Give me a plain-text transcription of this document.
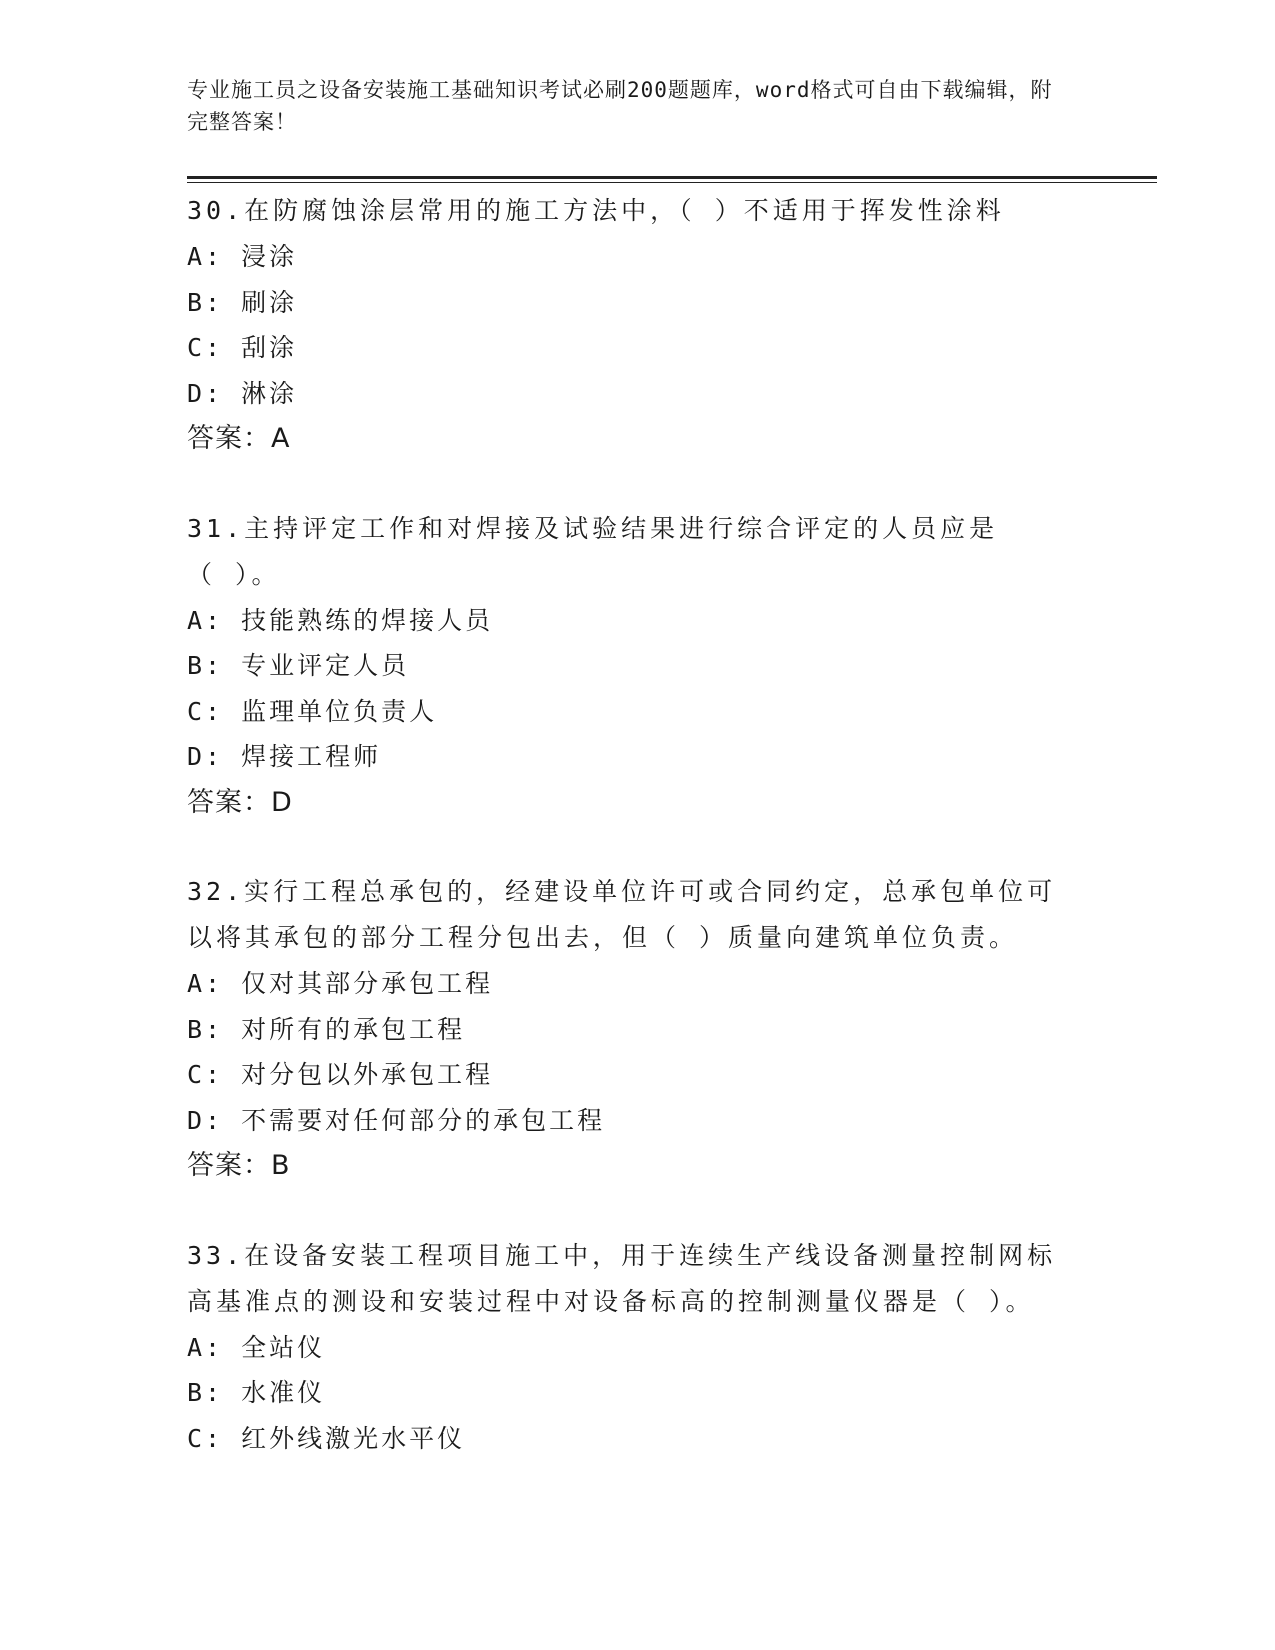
专业施工员之设备安装施工基础知识考试必刷200题题库，word格式可自由下载编辑，附完整答案！
30.在防腐蚀涂层常用的施工方法中，（ ）不适用于挥发性涂料
A: 浸涂
B: 刷涂
C: 刮涂
D: 淋涂
答案：A
31.主持评定工作和对焊接及试验结果进行综合评定的人员应是（ ）。
A: 技能熟练的焊接人员
B: 专业评定人员
C: 监理单位负责人
D: 焊接工程师
答案：D
32.实行工程总承包的，经建设单位许可或合同约定，总承包单位可以将其承包的部分工程分包出去，但（ ）质量向建筑单位负责。
A: 仅对其部分承包工程
B: 对所有的承包工程
C: 对分包以外承包工程
D: 不需要对任何部分的承包工程
答案：B
33.在设备安装工程项目施工中，用于连续生产线设备测量控制网标高基准点的测设和安装过程中对设备标高的控制测量仪器是（ ）。
A: 全站仪
B: 水准仪
C: 红外线激光水平仪
